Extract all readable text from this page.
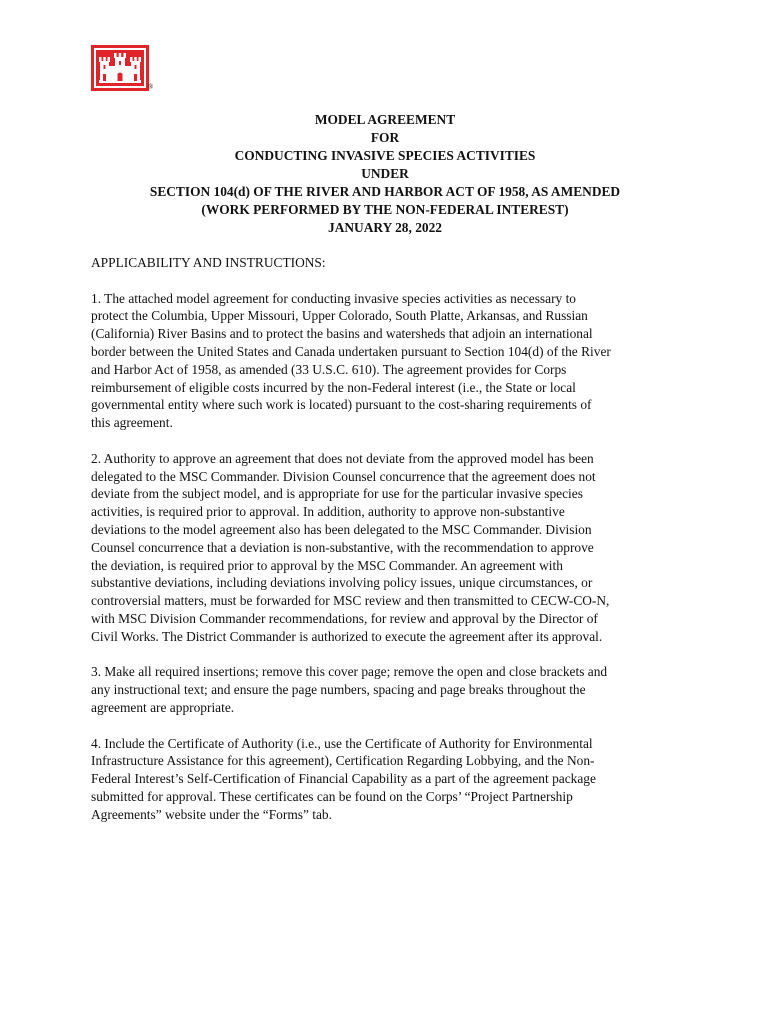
®
MODEL AGREEMENT
FOR
CONDUCTING INVASIVE SPECIES ACTIVITIES
UNDER
SECTION 104(d) OF THE RIVER AND HARBOR ACT OF 1958, AS AMENDED
(WORK PERFORMED BY THE NON-FEDERAL INTEREST)
JANUARY 28, 2022

APPLICABILITY AND INSTRUCTIONS:

1. The attached model agreement for conducting invasive species activities as necessary to
protect the Columbia, Upper Missouri, Upper Colorado, South Platte, Arkansas, and Russian
(California) River Basins and to protect the basins and watersheds that adjoin an international
border between the United States and Canada undertaken pursuant to Section 104(d) of the River
and Harbor Act of 1958, as amended (33 U.S.C. 610). The agreement provides for Corps
reimbursement of eligible costs incurred by the non-Federal interest (i.e., the State or local
governmental entity where such work is located) pursuant to the cost-sharing requirements of
this agreement.

2. Authority to approve an agreement that does not deviate from the approved model has been
delegated to the MSC Commander. Division Counsel concurrence that the agreement does not
deviate from the subject model, and is appropriate for use for the particular invasive species
activities, is required prior to approval. In addition, authority to approve non-substantive
deviations to the model agreement also has been delegated to the MSC Commander. Division
Counsel concurrence that a deviation is non-substantive, with the recommendation to approve
the deviation, is required prior to approval by the MSC Commander. An agreement with
substantive deviations, including deviations involving policy issues, unique circumstances, or
controversial matters, must be forwarded for MSC review and then transmitted to CECW-CO-N,
with MSC Division Commander recommendations, for review and approval by the Director of
Civil Works. The District Commander is authorized to execute the agreement after its approval.

3. Make all required insertions; remove this cover page; remove the open and close brackets and
any instructional text; and ensure the page numbers, spacing and page breaks throughout the
agreement are appropriate.

4. Include the Certificate of Authority (i.e., use the Certificate of Authority for Environmental
Infrastructure Assistance for this agreement), Certification Regarding Lobbying, and the Non-
Federal Interest’s Self-Certification of Financial Capability as a part of the agreement package
submitted for approval. These certificates can be found on the Corps’ “Project Partnership
Agreements” website under the “Forms” tab.
